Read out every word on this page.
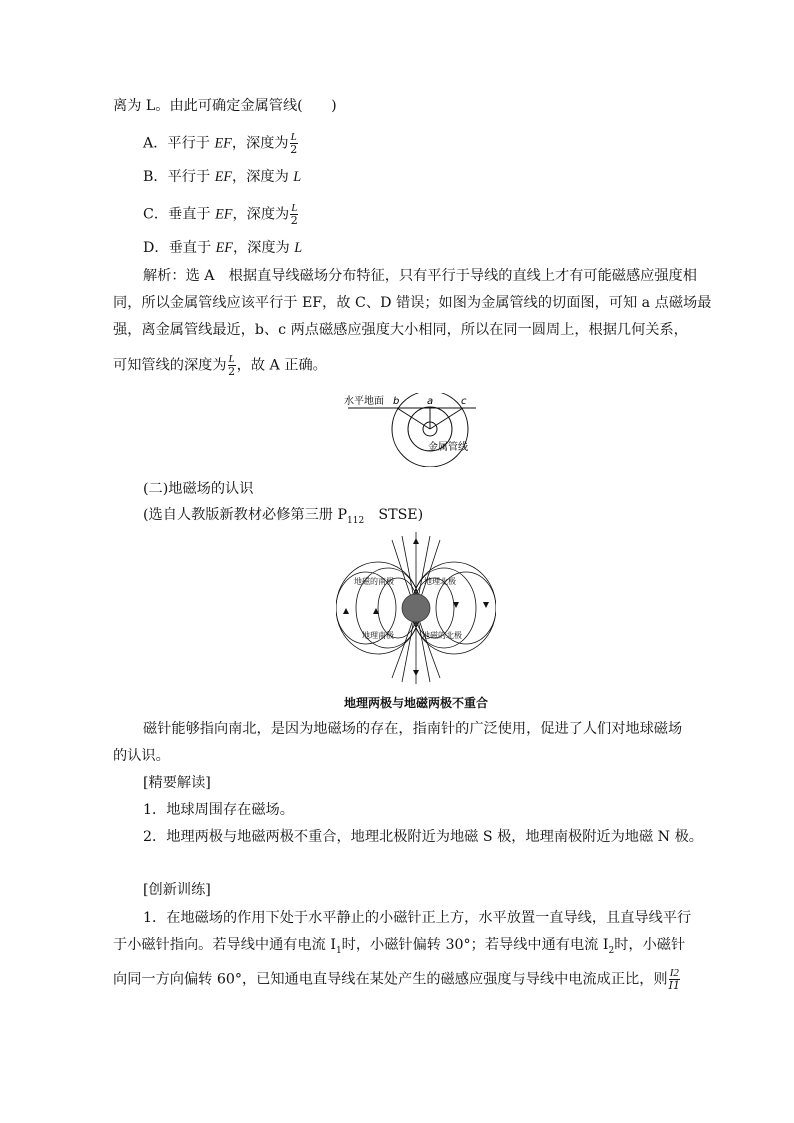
离为 L。由此可确定金属管线(　　)
A．平行于 EF，深度为 $\frac{L}{2}$
B．平行于 EF，深度为 L
C．垂直于 EF，深度为 $\frac{L}{2}$
D．垂直于 EF，深度为 L
解析：选 A　根据直导线磁场分布特征，只有平行于导线的直线上才有可能磁感应强度相
同，所以金属管线应该平行于 EF，故 C、D 错误；如图为金属管线的切面图，可知 a 点磁场最
强，离金属管线最近，b、c 两点磁感应强度大小相同，所以在同一圆周上，根据几何关系，
可知管线的深度为 $\frac{L}{2}$ ，故 A 正确。
水平地面 b	a	c
金属管线
(二)地磁场的认识
(选自人教版新教材必修第三册 $P_{112}$　STSE)
地磁的南极	地理北极
地理南极	地磁的北极
地理两极与地磁两极不重合
磁针能够指向南北，是因为地磁场的存在，指南针的广泛使用，促进了人们对地球磁场
的认识。
[精要解读]
1．地球周围存在磁场。
2．地理两极与地磁两极不重合，地理北极附近为地磁 S 极，地理南极附近为地磁 N 极。
[创新训练]
1．在地磁场的作用下处于水平静止的小磁针正上方，水平放置一直导线，且直导线平行
于小磁针指向。若导线中通有电流 $I_1$时，小磁针偏转 30°；若导线中通有电流 $I_2$时，小磁针
向同一方向偏转 60°，已知通电直导线在某处产生的磁感应强度与导线中电流成正比，则 $\frac{I2}{I1}$
